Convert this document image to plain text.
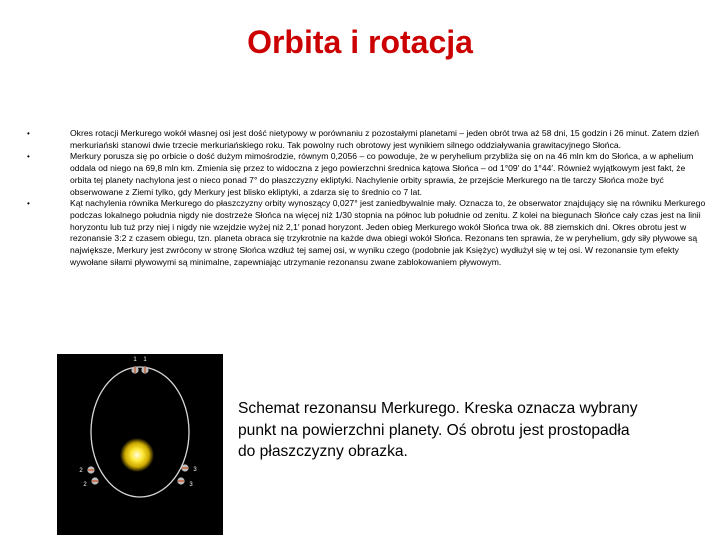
Orbita i rotacja
•	Okres rotacji Merkurego wokół własnej osi jest dość nietypowy w porównaniu z pozostałymi planetami – jeden obrót trwa aż 58 dni, 15 godzin i 26 minut. Zatem dzień merkuriański stanowi dwie trzecie merkuriańskiego roku. Tak powolny ruch obrotowy jest wynikiem silnego oddziaływania grawitacyjnego Słońca.
•	Merkury porusza się po orbicie o dość dużym mimośrodzie, równym 0,2056 – co powoduje, że w peryhelium przybliża się on na 46 mln km do Słońca, a w aphelium oddala od niego na 69,8 mln km. Zmienia się przez to widoczna z jego powierzchni średnica kątowa Słońca – od 1°09′ do 1°44′. Również wyjątkowym jest fakt, że orbita tej planety nachylona jest o nieco ponad 7° do płaszczyzny ekliptyki. Nachylenie orbity sprawia, że przejście Merkurego na tle tarczy Słońca może być obserwowane z Ziemi tylko, gdy Merkury jest blisko ekliptyki, a zdarza się to średnio co 7 lat.
•	Kąt nachylenia równika Merkurego do płaszczyzny orbity wynoszący 0,027° jest zaniedbywalnie mały. Oznacza to, że obserwator znajdujący się na równiku Merkurego podczas lokalnego południa nigdy nie dostrzeże Słońca na więcej niż 1/30 stopnia na północ lub południe od zenitu. Z kolei na biegunach Słońce cały czas jest na linii horyzontu lub tuż przy niej i nigdy nie wzejdzie wyżej niż 2,1′ ponad horyzont. Jeden obieg Merkurego wokół Słońca trwa ok. 88 ziemskich dni. Okres obrotu jest w rezonansie 3:2 z czasem obiegu, tzn. planeta obraca się trzykrotnie na każde dwa obiegi wokół Słońca. Rezonans ten sprawia, że w peryhelium, gdy siły pływowe są największe, Merkury jest zwrócony w stronę Słońca wzdłuż tej samej osi, w wyniku czego (podobnie jak Księżyc) wydłużył się w tej osi. W rezonansie tym efekty wywołane siłami pływowymi są minimalne, zapewniając utrzymanie rezonansu zwane zablokowaniem pływowym.
1 1
2
2
3
3
Schemat rezonansu Merkurego. Kreska oznacza wybrany punkt na powierzchni planety. Oś obrotu jest prostopadła do płaszczyzny obrazka.
